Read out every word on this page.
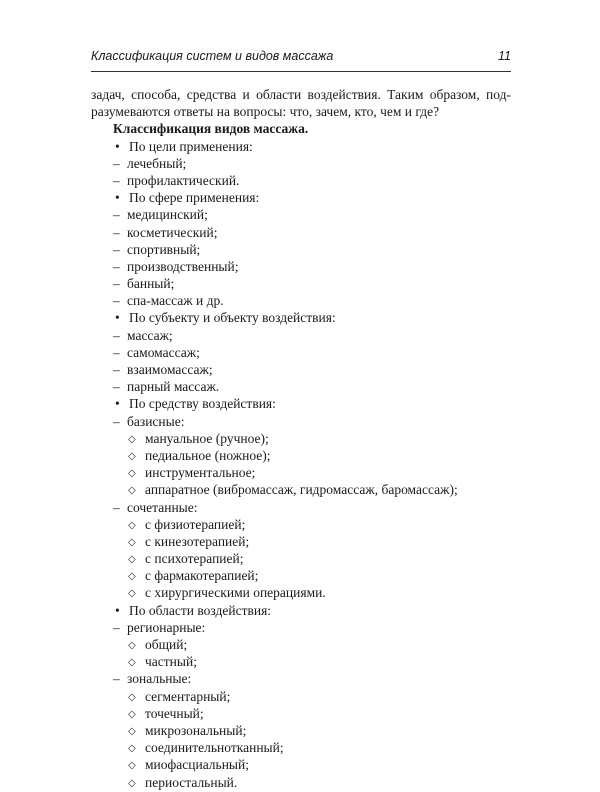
Классификация систем и видов массажа	11
задач, способа, средства и области воздействия. Таким образом, под-
разумеваются ответы на вопросы: что, зачем, кто, чем и где?
Классификация видов массажа.
• По цели применения:
– лечебный;
– профилактический.
• По сфере применения:
– медицинский;
– косметический;
– спортивный;
– производственный;
– банный;
– спа-массаж и др.
• По субъекту и объекту воздействия:
– массаж;
– самомассаж;
– взаимомассаж;
– парный массаж.
• По средству воздействия:
– базисные:
◇ мануальное (ручное);
◇ педиальное (ножное);
◇ инструментальное;
◇ аппаратное (вибромассаж, гидромассаж, баромассаж);
– сочетанные:
◇ с физиотерапией;
◇ с кинезотерапией;
◇ с психотерапией;
◇ с фармакотерапией;
◇ с хирургическими операциями.
• По области воздействия:
– регионарные:
◇ общий;
◇ частный;
– зональные:
◇ сегментарный;
◇ точечный;
◇ микрозональный;
◇ соединительнотканный;
◇ миофасциальный;
◇ периостальный.
